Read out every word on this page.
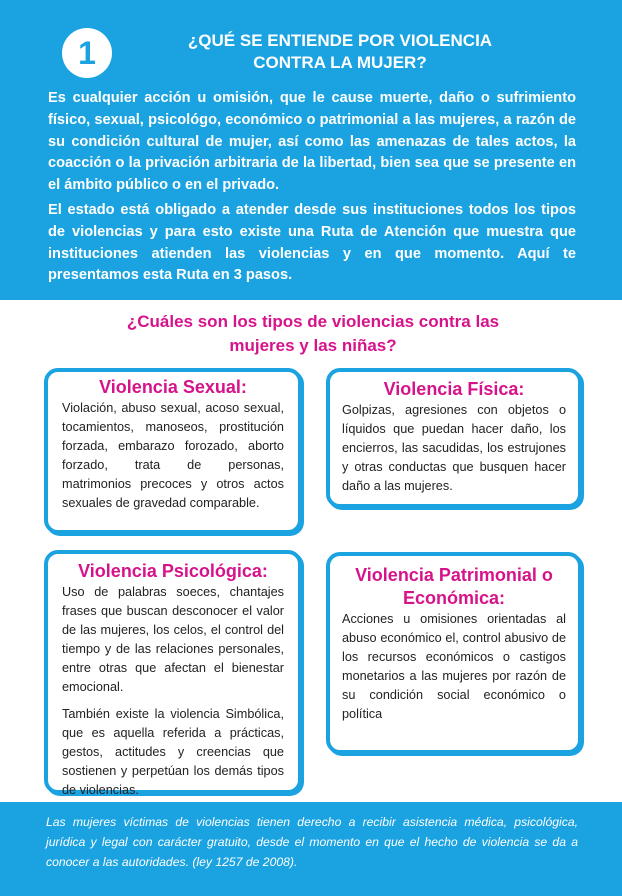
1	¿QUÉ SE ENTIENDE POR VIOLENCIA CONTRA LA MUJER?

Es cualquier acción u omisión, que le cause muerte, daño o sufrimiento físico, sexual, psicológo, económico o patrimonial a las mujeres, a razón de su condición cultural de mujer, así como las amenazas de tales actos, la coacción o la privación arbitraria de la libertad, bien sea que se presente en el ámbito público o en el privado.

El estado está obligado a atender desde sus instituciones todos los tipos de violencias y para esto existe una Ruta de Atención que muestra que instituciones atienden las violencias y en que momento. Aquí te presentamos esta Ruta en 3 pasos.

¿Cuáles son los tipos de violencias contra las mujeres y las niñas?
Violencia Sexual:

Violación, abuso sexual, acoso sexual, tocamientos, manoseos, prostitución forzada, embarazo forozado, aborto forzado, trata de personas, matrimonios precoces y otros actos sexuales de gravedad comparable.

Violencia Física:

Golpizas, agresiones con objetos o líquidos que puedan hacer daño, los encierros, las sacudidas, los estrujones y otras conductas que busquen hacer daño a las mujeres.

Violencia Psicológica:

Uso de palabras soeces, chantajes frases que buscan desconocer el valor de las mujeres, los celos, el control del tiempo y de las relaciones personales, entre otras que afectan el bienestar emocional.

También existe la violencia Simbólica, que es aquella referida a prácticas, gestos, actitudes y creencias que sostienen y perpetúan los demás tipos de violencias.

Violencia Patrimonial o Económica:

Acciones u omisiones orientadas al abuso económico el, control abusivo de los recursos económicos o castigos monetarios a las mujeres por razón de su condición social económico o política

Las mujeres víctimas de violencias tienen derecho a recibir asistencia médica, psicológica, jurídica y legal con carácter gratuito, desde el momento en que el hecho de violencia se da a conocer a las autoridades. (ley 1257 de 2008).
